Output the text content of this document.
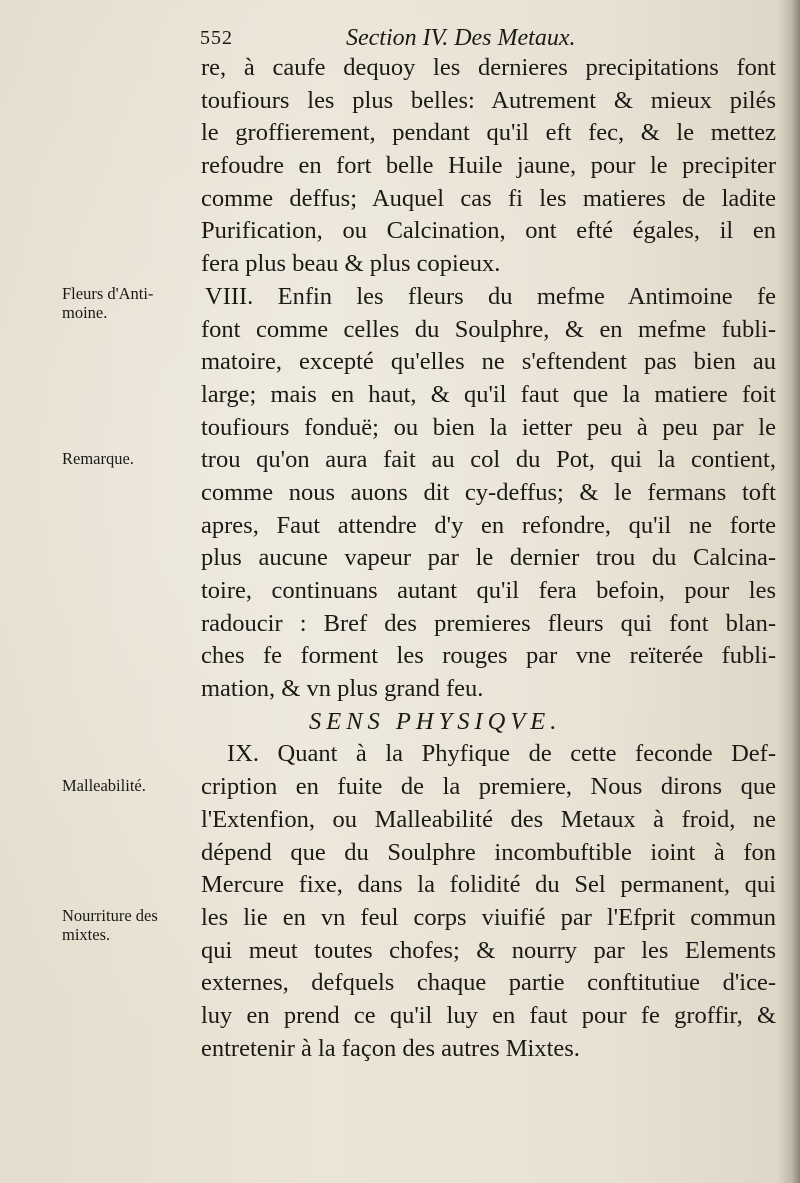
552	Section IV. Des Metaux.
re, à caufe dequoy les dernieres precipitations font
toufiours les plus belles: Autrement & mieux pilés
le groffierement, pendant qu'il eft fec, & le mettez
refoudre en fort belle Huile jaune, pour le precipiter
comme deffus; Auquel cas fi les matieres de ladite
Purification, ou Calcination, ont efté égales, il en
fera plus beau & plus copieux.
VIII. Enfin les fleurs du mefme Antimoine fe
font comme celles du Soulphre, & en mefme fubli-
matoire, excepté qu'elles ne s'eftendent pas bien au
large; mais en haut, & qu'il faut que la matiere foit
toufiours fonduë; ou bien la ietter peu à peu par le
trou qu'on aura fait au col du Pot, qui la contient,
comme nous auons dit cy-deffus; & le fermans toft
apres, Faut attendre d'y en refondre, qu'il ne forte
plus aucune vapeur par le dernier trou du Calcina-
toire, continuans autant qu'il fera befoin, pour les
radoucir : Bref des premieres fleurs qui font blan-
ches fe forment les rouges par vne reïterée fubli-
mation, & vn plus grand feu.
SENS PHYSIQVE.
IX. Quant à la Phyfique de cette feconde Def-
cription en fuite de la premiere, Nous dirons que
l'Extenfion, ou Malleabilité des Metaux à froid, ne
dépend que du Soulphre incombuftible ioint à fon
Mercure fixe, dans la folidité du Sel permanent, qui
les lie en vn feul corps viuifié par l'Efprit commun
qui meut toutes chofes; & nourry par les Elements
externes, defquels chaque partie conftitutiue d'ice-
luy en prend ce qu'il luy en faut pour fe groffir, &
entretenir à la façon des autres Mixtes.
Fleurs d'Anti- moine.
Remarque.
Malleabilité.
Nourriture des mixtes.
